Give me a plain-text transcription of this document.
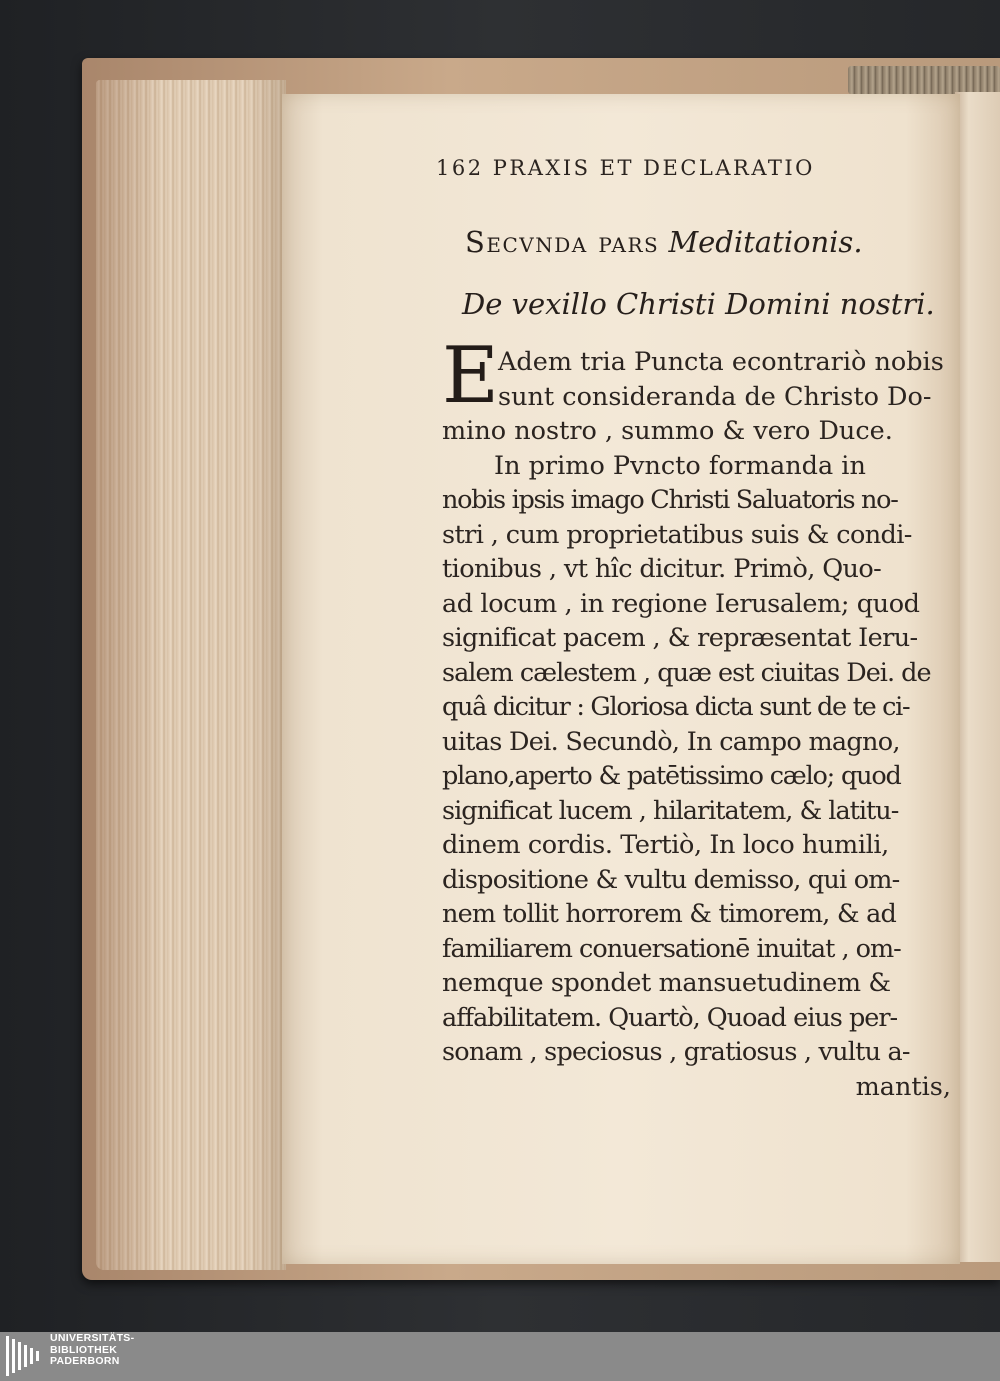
162 PRAXIS ET DECLARATIO
Secvnda pars Meditationis.
De vexillo Christi Domini nostri.
E Adem tria Puncta econtrariò nobis
sunt consideranda de Christo Do-
mino nostro , summo & vero Duce.
In primo Pvncto formanda in
nobis ipsis imago Christi Saluatoris no-
stri , cum proprietatibus suis & condi-
tionibus , vt hîc dicitur. Primò, Quo-
ad locum , in regione Ierusalem; quod
significat pacem , & repræsentat Ieru-
salem cælestem , quæ est ciuitas Dei. de
quâ dicitur : Gloriosa dicta sunt de te ci-
uitas Dei. Secundò, In campo magno,
plano,aperto & patētissimo cælo; quod
significat lucem , hilaritatem, & latitu-
dinem cordis. Tertiò, In loco humili,
dispositione & vultu demisso, qui om-
nem tollit horrorem & timorem, & ad
familiarem conuersationē inuitat , om-
nemque spondet mansuetudinem &
affabilitatem. Quartò, Quoad eius per-
sonam , speciosus , gratiosus , vultu a-
mantis,
UNIVERSITÄTS-
BIBLIOTHEK
PADERBORN
